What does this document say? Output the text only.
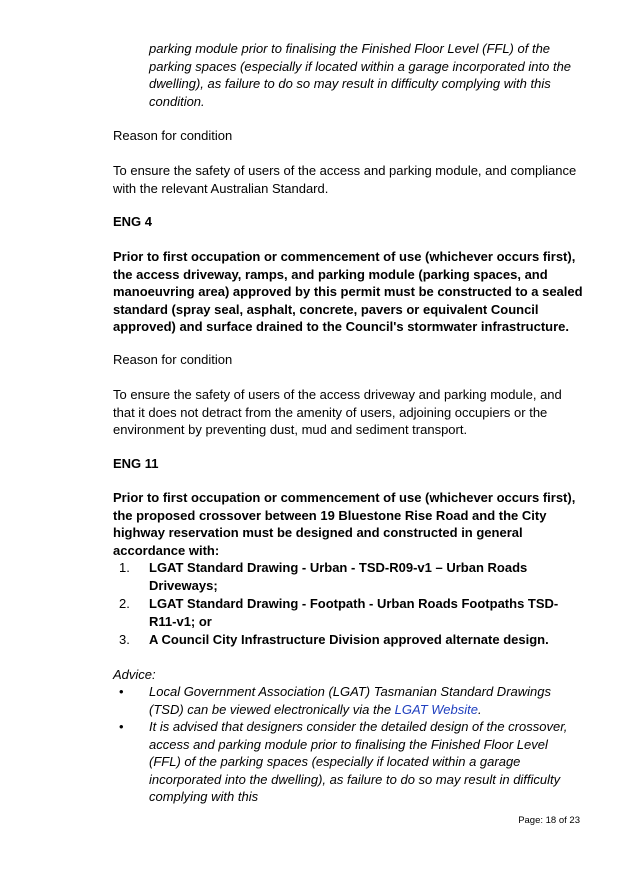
parking module prior to finalising the Finished Floor Level (FFL) of the parking spaces (especially if located within a garage incorporated into the dwelling), as failure to do so may result in difficulty complying with this condition.
Reason for condition
To ensure the safety of users of the access and parking module, and compliance with the relevant Australian Standard.
ENG 4
Prior to first occupation or commencement of use (whichever occurs first), the access driveway, ramps, and parking module (parking spaces, and manoeuvring area) approved by this permit must be constructed to a sealed standard (spray seal, asphalt, concrete, pavers or equivalent Council approved) and surface drained to the Council's stormwater infrastructure.
Reason for condition
To ensure the safety of users of the access driveway and parking module, and that it does not detract from the amenity of users, adjoining occupiers or the environment by preventing dust, mud and sediment transport.
ENG 11
Prior to first occupation or commencement of use (whichever occurs first), the proposed crossover between 19 Bluestone Rise Road and the City highway reservation must be designed and constructed in general accordance with:
1. LGAT Standard Drawing - Urban - TSD-R09-v1 – Urban Roads Driveways;
2. LGAT Standard Drawing - Footpath - Urban Roads Footpaths TSD-R11-v1; or
3. A Council City Infrastructure Division approved alternate design.
Advice:
• Local Government Association (LGAT) Tasmanian Standard Drawings (TSD) can be viewed electronically via the LGAT Website.
• It is advised that designers consider the detailed design of the crossover, access and parking module prior to finalising the Finished Floor Level (FFL) of the parking spaces (especially if located within a garage incorporated into the dwelling), as failure to do so may result in difficulty complying with this
Page: 18 of 23
